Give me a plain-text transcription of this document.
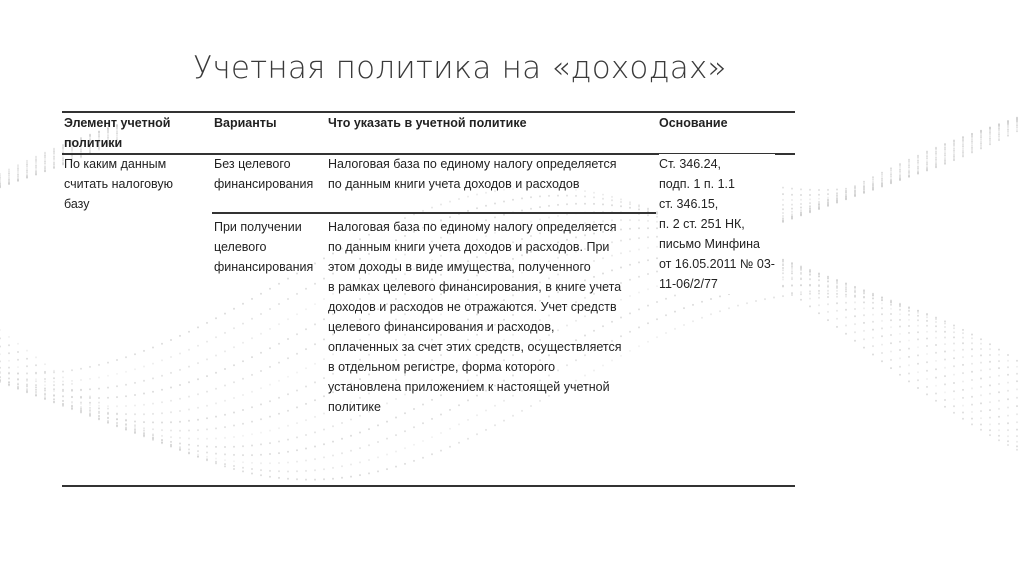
Учетная политика на «доходах»
Элемент учетной
политики
Варианты	Что указать в учетной политике	Основание
По каким данным
считать налоговую
базу
Без целевого
финансирования
Налоговая база по единому налогу определяется
по данным книги учета доходов и расходов
При получении
целевого
финансирования
Налоговая база по единому налогу определяется
по данным книги учета доходов и расходов. При
этом доходы в виде имущества, полученного
в рамках целевого финансирования, в книге учета
доходов и расходов не отражаются. Учет средств
целевого финансирования и расходов,
оплаченных за счет этих средств, осуществляется
в отдельном регистре, форма которого
установлена приложением к настоящей учетной
политике
Ст. 346.24,
подп. 1 п. 1.1
ст. 346.15,
п. 2 ст. 251 НК,
письмо Минфина
от 16.05.2011 № 03-
11-06/2/77
